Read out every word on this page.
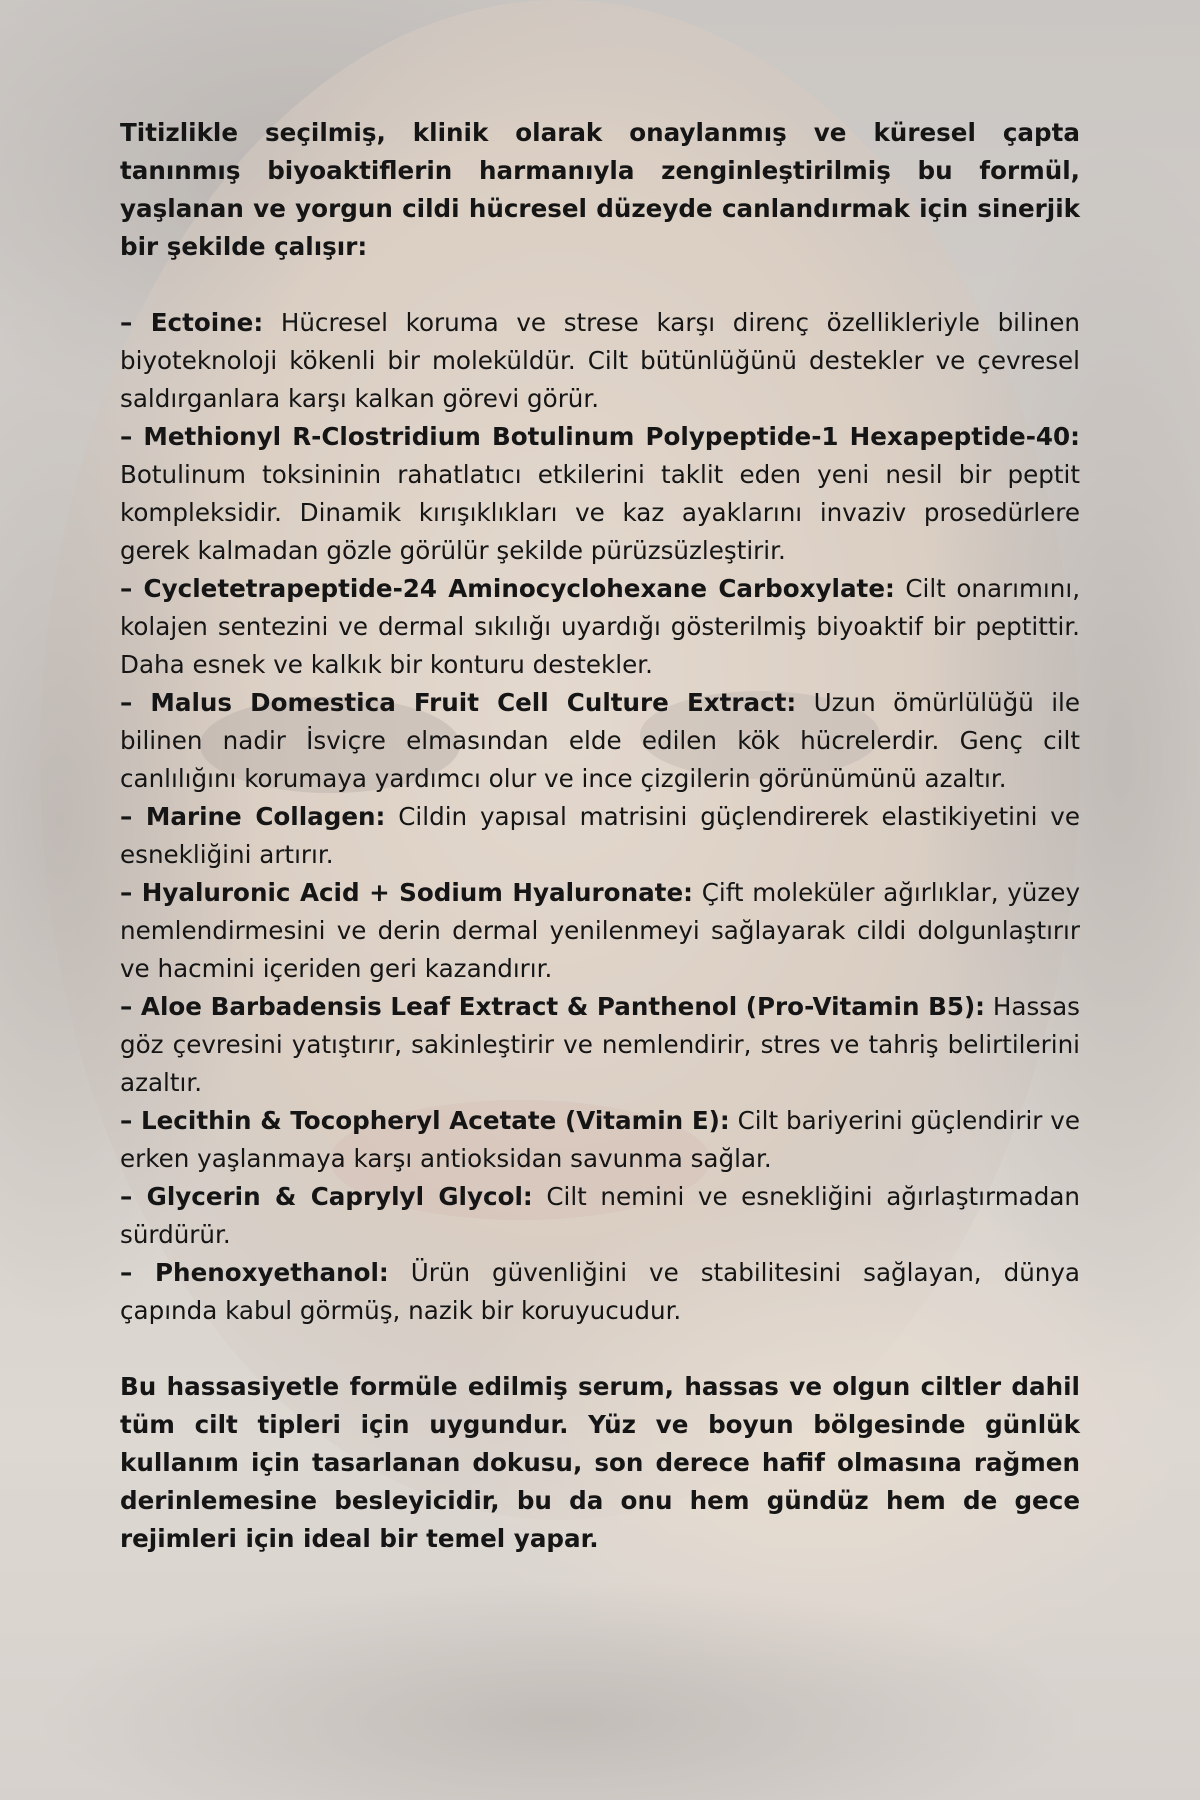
Titizlikle seçilmiş, klinik olarak onaylanmış ve küresel çapta tanınmış biyoaktiflerin harmanıyla zenginleştirilmiş bu formül, yaşlanan ve yorgun cildi hücresel düzeyde canlandırmak için sinerjik bir şekilde çalışır:

– Ectoine: Hücresel koruma ve strese karşı direnç özellikleriyle bilinen biyoteknoloji kökenli bir moleküldür. Cilt bütünlüğünü destekler ve çevresel saldırganlara karşı kalkan görevi görür.

– Methionyl R-Clostridium Botulinum Polypeptide-1 Hexapeptide-40: Botulinum toksininin rahatlatıcı etkilerini taklit eden yeni nesil bir peptit kompleksidir. Dinamik kırışıklıkları ve kaz ayaklarını invaziv prosedürlere gerek kalmadan gözle görülür şekilde pürüzsüzleştirir.

– Cycletetrapeptide-24 Aminocyclohexane Carboxylate: Cilt onarımını, kolajen sentezini ve dermal sıkılığı uyardığı gösterilmiş biyoaktif bir peptittir. Daha esnek ve kalkık bir konturu destekler.

– Malus Domestica Fruit Cell Culture Extract: Uzun ömürlülüğü ile bilinen nadir İsviçre elmasından elde edilen kök hücrelerdir. Genç cilt canlılığını korumaya yardımcı olur ve ince çizgilerin görünümünü azaltır.

– Marine Collagen: Cildin yapısal matrisini güçlendirerek elastikiyetini ve esnekliğini artırır.

– Hyaluronic Acid + Sodium Hyaluronate: Çift moleküler ağırlıklar, yüzey nemlendirmesini ve derin dermal yenilenmeyi sağlayarak cildi dolgunlaştırır ve hacmini içeriden geri kazandırır.

– Aloe Barbadensis Leaf Extract & Panthenol (Pro-Vitamin B5): Hassas göz çevresini yatıştırır, sakinleştirir ve nemlendirir, stres ve tahriş belirtilerini azaltır.

– Lecithin & Tocopheryl Acetate (Vitamin E): Cilt bariyerini güçlendirir ve erken yaşlanmaya karşı antioksidan savunma sağlar.

– Glycerin & Caprylyl Glycol: Cilt nemini ve esnekliğini ağırlaştırmadan sürdürür.

– Phenoxyethanol: Ürün güvenliğini ve stabilitesini sağlayan, dünya çapında kabul görmüş, nazik bir koruyucudur.

Bu hassasiyetle formüle edilmiş serum, hassas ve olgun ciltler dahil tüm cilt tipleri için uygundur. Yüz ve boyun bölgesinde günlük kullanım için tasarlanan dokusu, son derece hafif olmasına rağmen derinlemesine besleyicidir, bu da onu hem gündüz hem de gece rejimleri için ideal bir temel yapar.
